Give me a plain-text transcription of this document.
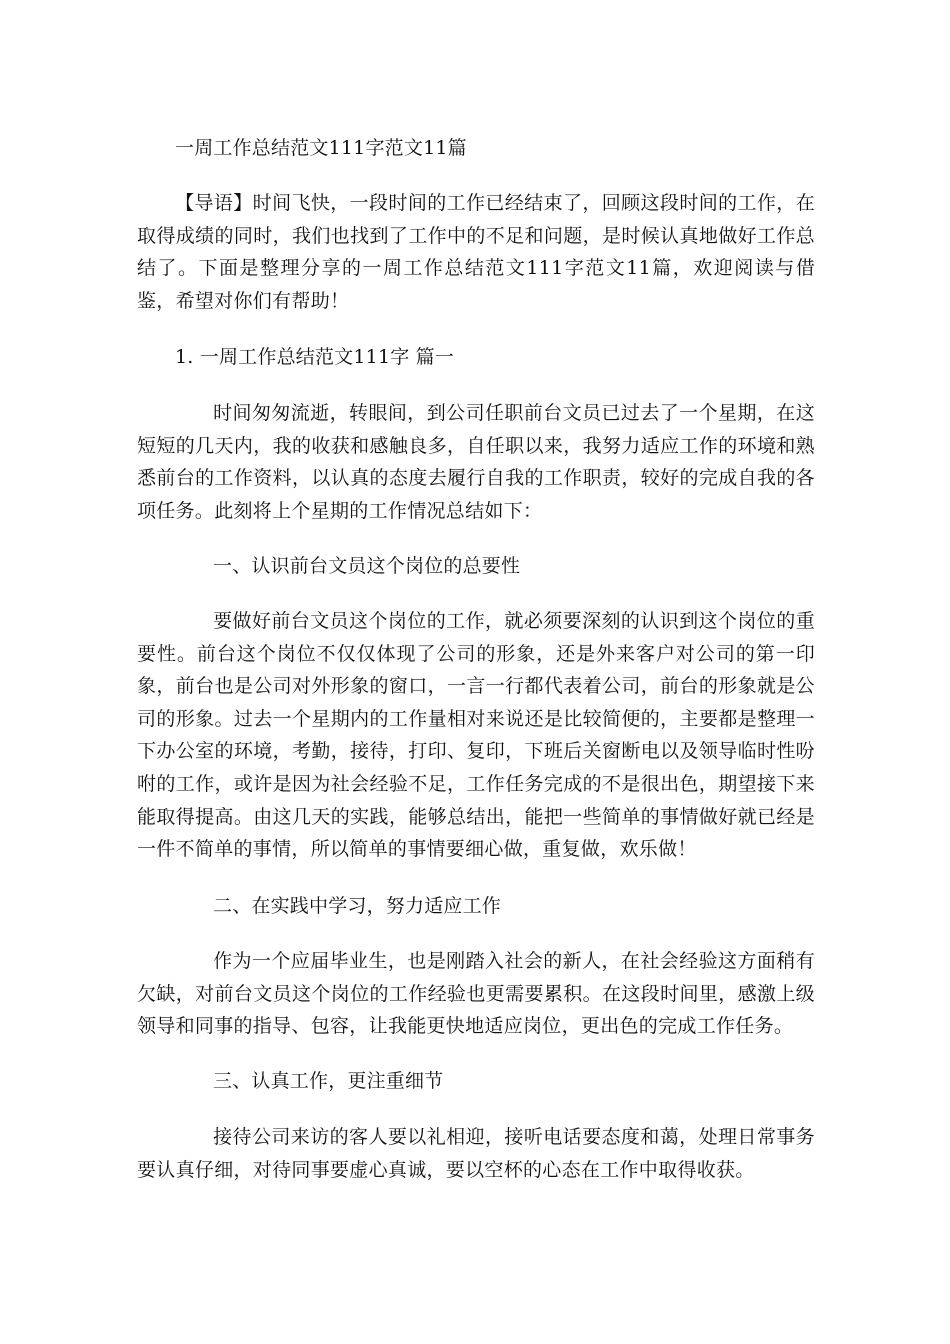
一周工作总结范文111字范文11篇
【导语】时间飞快，一段时间的工作已经结束了，回顾这段时间的工作，在取得成绩的同时，我们也找到了工作中的不足和问题，是时候认真地做好工作总结了。下面是整理分享的一周工作总结范文111字范文11篇，欢迎阅读与借鉴，希望对你们有帮助！
1. 一周工作总结范文111字 篇一
时间匆匆流逝，转眼间，到公司任职前台文员已过去了一个星期，在这短短的几天内，我的收获和感触良多，自任职以来，我努力适应工作的环境和熟悉前台的工作资料，以认真的态度去履行自我的工作职责，较好的完成自我的各项任务。此刻将上个星期的工作情况总结如下：
一、认识前台文员这个岗位的总要性
要做好前台文员这个岗位的工作，就必须要深刻的认识到这个岗位的重要性。前台这个岗位不仅仅体现了公司的形象，还是外来客户对公司的第一印象，前台也是公司对外形象的窗口，一言一行都代表着公司，前台的形象就是公司的形象。过去一个星期内的工作量相对来说还是比较简便的，主要都是整理一下办公室的环境，考勤，接待，打印、复印，下班后关窗断电以及领导临时性吩咐的工作，或许是因为社会经验不足，工作任务完成的不是很出色，期望接下来能取得提高。由这几天的实践，能够总结出，能把一些简单的事情做好就已经是一件不简单的事情，所以简单的事情要细心做，重复做，欢乐做！
二、在实践中学习，努力适应工作
作为一个应届毕业生，也是刚踏入社会的新人，在社会经验这方面稍有欠缺，对前台文员这个岗位的工作经验也更需要累积。在这段时间里，感激上级领导和同事的指导、包容，让我能更快地适应岗位，更出色的完成工作任务。
三、认真工作，更注重细节
接待公司来访的客人要以礼相迎，接听电话要态度和蔼，处理日常事务要认真仔细，对待同事要虚心真诚，要以空杯的心态在工作中取得收获。
